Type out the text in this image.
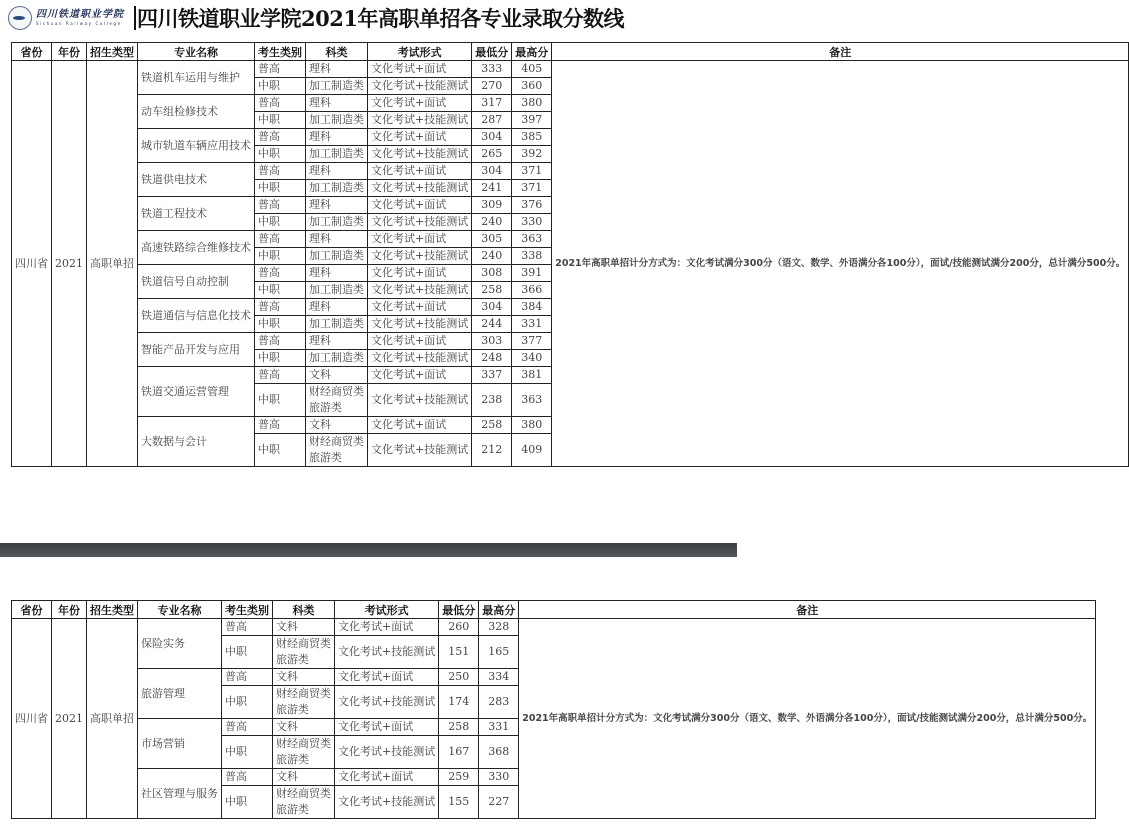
四川铁道职业学院
Sichuan Railway College 四川铁道职业学院2021年高职单招各专业录取分数线
省份	年份	招生类型	专业名称	考生类别	科类	考试形式	最低分	最高分	备注
四川省	2021	高职单招	铁道机车运用与维护	普高	理科	文化考试+面试	333	405	2021年高职单招计分方式为：文化考试满分300分（语文、数学、外语满分各100分），面试/技能测试满分200分，总计满分500分。
				中职	加工制造类	文化考试+技能测试	270	360	
			动车组检修技术	普高	理科	文化考试+面试	317	380	
				中职	加工制造类	文化考试+技能测试	287	397	
			城市轨道车辆应用技术	普高	理科	文化考试+面试	304	385	
				中职	加工制造类	文化考试+技能测试	265	392	
			铁道供电技术	普高	理科	文化考试+面试	304	371	
				中职	加工制造类	文化考试+技能测试	241	371	
			铁道工程技术	普高	理科	文化考试+面试	309	376	
				中职	加工制造类	文化考试+技能测试	240	330	
			高速铁路综合维修技术	普高	理科	文化考试+面试	305	363	
				中职	加工制造类	文化考试+技能测试	240	338	
			铁道信号自动控制	普高	理科	文化考试+面试	308	391	
				中职	加工制造类	文化考试+技能测试	258	366	
			铁道通信与信息化技术	普高	理科	文化考试+面试	304	384	
				中职	加工制造类	文化考试+技能测试	244	331	
			智能产品开发与应用	普高	理科	文化考试+面试	303	377	
				中职	加工制造类	文化考试+技能测试	248	340	
			铁道交通运营管理	普高	文科	文化考试+面试	337	381	
				中职	财经商贸类
旅游类	文化考试+技能测试	238	363	
			大数据与会计	普高	文科	文化考试+面试	258	380	
				中职	财经商贸类
旅游类	文化考试+技能测试	212	409	
省份	年份	招生类型	专业名称	考生类别	科类	考试形式	最低分	最高分	备注
四川省	2021	高职单招	保险实务	普高	文科	文化考试+面试	260	328	2021年高职单招计分方式为：文化考试满分300分（语文、数学、外语满分各100分），面试/技能测试满分200分，总计满分500分。
				中职	财经商贸类
旅游类	文化考试+技能测试	151	165	
			旅游管理	普高	文科	文化考试+面试	250	334	
				中职	财经商贸类
旅游类	文化考试+技能测试	174	283	
			市场营销	普高	文科	文化考试+面试	258	331	
				中职	财经商贸类
旅游类	文化考试+技能测试	167	368	
			社区管理与服务	普高	文科	文化考试+面试	259	330	
				中职	财经商贸类
旅游类	文化考试+技能测试	155	227	
